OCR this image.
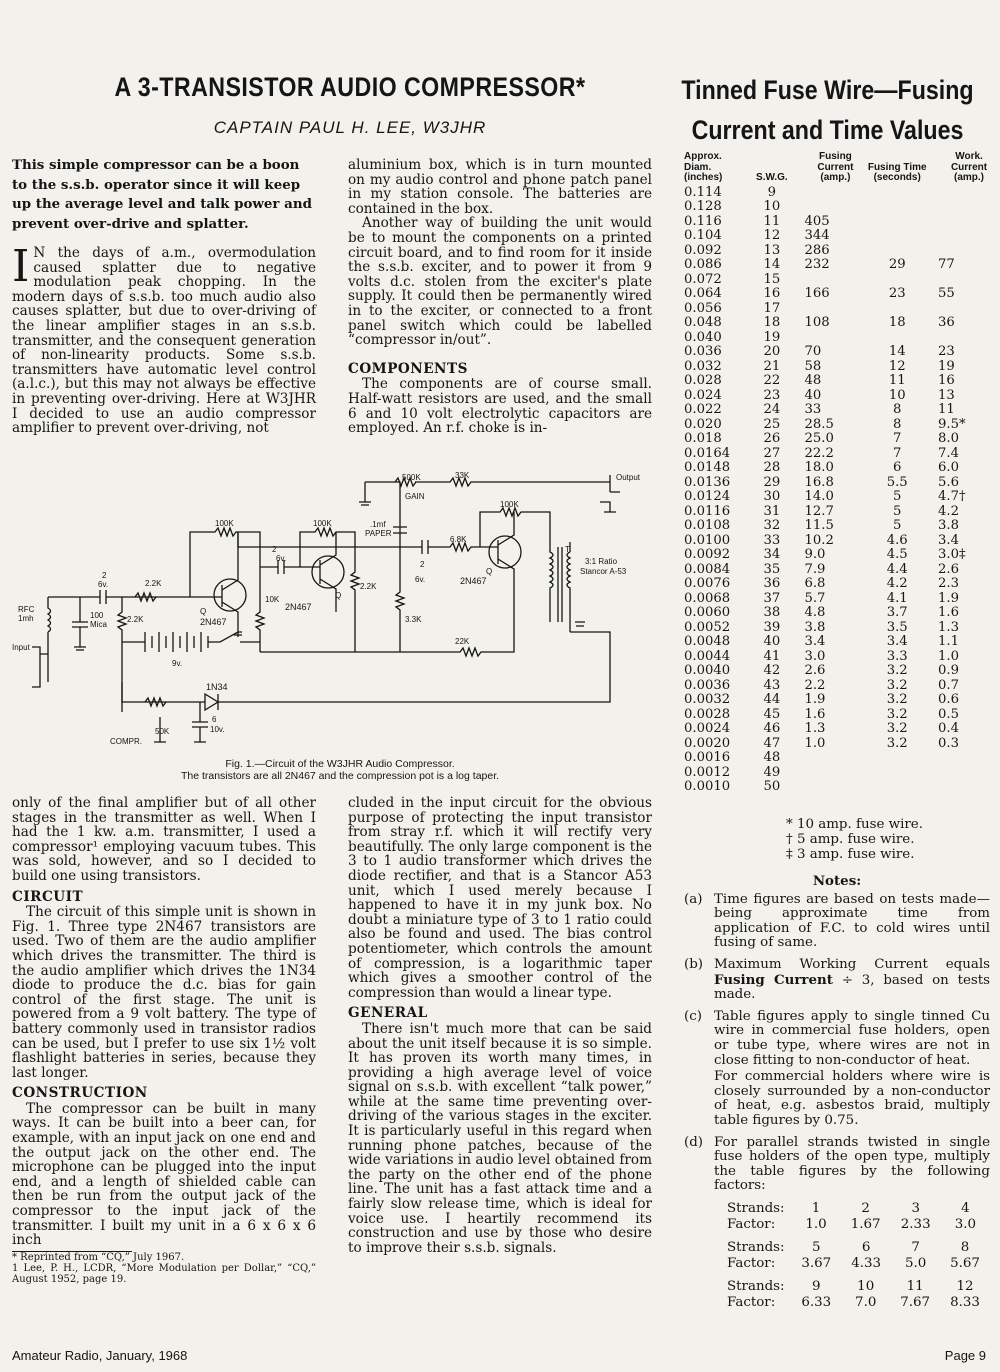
A 3-TRANSISTOR AUDIO COMPRESSOR*
CAPTAIN PAUL H. LEE, W3JHR
This simple compressor can be a boon to the s.s.b. operator since it will keep up the average level and talk power and prevent over-drive and splatter.

I N the days of a.m., overmodulation caused splatter due to negative modulation peak chopping. In the modern days of s.s.b. too much audio also causes splatter, but due to over-driving of the linear amplifier stages in an s.s.b. transmitter, and the consequent generation of non-linearity products. Some s.s.b. transmitters have automatic level control (a.l.c.), but this may not always be effective in preventing over-driving. Here at W3JHR I decided to use an audio compressor amplifier to prevent over-driving, not

aluminium box, which is in turn mounted on my audio control and phone patch panel in my station console. The batteries are contained in the box.

Another way of building the unit would be to mount the components on a printed circuit board, and to find room for it inside the s.s.b. exciter, and to power it from 9 volts d.c. stolen from the exciter's plate supply. It could then be permanently wired in to the exciter, or connected to a front panel switch which could be labelled “compressor in/out”.

COMPONENTS

The components are of course small. Half-watt resistors are used, and the small 6 and 10 volt electrolytic capacitors are employed. An r.f. choke is in-

Output
500K
GAIN
33K
100K	100K
100K
.1mf
PAPER
2
6v.
2
6v.
2
6v.
6.8K
T
3:1 Ratio
Stancor A-53
2.2K
2.2K
2.2K
10K
3.3K
Q
Q
Q
2N467
2N467
2N467
RFC
1mh	100
Mica
Input
22K
9v.
1N34
50K
COMPR.
6
10v.
Fig. 1.—Circuit of the W3JHR Audio Compressor.
The transistors are all 2N467 and the compression pot is a log taper.

only of the final amplifier but of all other stages in the transmitter as well. When I had the 1 kw. a.m. transmitter, I used a compressor¹ employing vacuum tubes. This was sold, however, and so I decided to build one using transistors.

CIRCUIT

The circuit of this simple unit is shown in Fig. 1. Three type 2N467 transistors are used. Two of them are the audio amplifier which drives the transmitter. The third is the audio amplifier which drives the 1N34 diode to produce the d.c. bias for gain control of the first stage. The unit is powered from a 9 volt battery. The type of battery commonly used in transistor radios can be used, but I prefer to use six 1½ volt flashlight batteries in series, because they last longer.

CONSTRUCTION

The compressor can be built in many ways. It can be built into a beer can, for example, with an input jack on one end and the output jack on the other end. The microphone can be plugged into the input end, and a length of shielded cable can then be run from the output jack of the compressor to the input jack of the transmitter. I built my unit in a 6 x 6 x 6 inch

* Reprinted from “CQ,” July 1967.
1 Lee, P. H., LCDR, “More Modulation per Dollar,” “CQ,” August 1952, page 19.

cluded in the input circuit for the obvious purpose of protecting the input transistor from stray r.f. which it will rectify very beautifully. The only large component is the 3 to 1 audio transformer which drives the diode rectifier, and that is a Stancor A53 unit, which I used merely because I happened to have it in my junk box. No doubt a miniature type of 3 to 1 ratio could also be found and used. The bias control potentiometer, which controls the amount of compression, is a logarithmic taper which gives a smoother control of the compression than would a linear type.

GENERAL

There isn't much more that can be said about the unit itself because it is so simple. It has proven its worth many times, in providing a high average level of voice signal on s.s.b. with excellent “talk power,” while at the same time preventing over-driving of the various stages in the exciter. It is particularly useful in this regard when running phone patches, because of the wide variations in audio level obtained from the party on the other end of the phone line. The unit has a fast attack time and a fairly slow release time, which is ideal for voice use. I heartily recommend its construction and use by those who desire to improve their s.s.b. signals.

Tinned Fuse Wire—Fusing
Current and Time Values
Approx. Diam. (inches)	S.W.G.	Fusing Current (amp.)	Fusing Time (seconds)	Work. Current (amp.)
0.114	9			
0.128	10			
0.116	11	405		
0.104	12	344		
0.092	13	286		
0.086	14	232	29	77
0.072	15			
0.064	16	166	23	55
0.056	17			
0.048	18	108	18	36
0.040	19			
0.036	20	70	14	23
0.032	21	58	12	19
0.028	22	48	11	16
0.024	23	40	10	13
0.022	24	33	8	11
0.020	25	28.5	8	9.5*
0.018	26	25.0	7	8.0
0.0164	27	22.2	7	7.4
0.0148	28	18.0	6	6.0
0.0136	29	16.8	5.5	5.6
0.0124	30	14.0	5	4.7†
0.0116	31	12.7	5	4.2
0.0108	32	11.5	5	3.8
0.0100	33	10.2	4.6	3.4
0.0092	34	9.0	4.5	3.0‡
0.0084	35	7.9	4.4	2.6
0.0076	36	6.8	4.2	2.3
0.0068	37	5.7	4.1	1.9
0.0060	38	4.8	3.7	1.6
0.0052	39	3.8	3.5	1.3
0.0048	40	3.4	3.4	1.1
0.0044	41	3.0	3.3	1.0
0.0040	42	2.6	3.2	0.9
0.0036	43	2.2	3.2	0.7
0.0032	44	1.9	3.2	0.6
0.0028	45	1.6	3.2	0.5
0.0024	46	1.3	3.2	0.4
0.0020	47	1.0	3.2	0.3
0.0016	48			
0.0012	49			
0.0010	50			
* 10 amp. fuse wire.
† 5 amp. fuse wire.
‡ 3 amp. fuse wire.
Notes:
(a) Time figures are based on tests made—being approximate time from application of F.C. to cold wires until fusing of same.
(b) Maximum Working Current equals Fusing Current ÷ 3, based on tests made.
(c) Table figures apply to single tinned Cu wire in commercial fuse holders, open or tube type, where wires are not in close fitting to non-conductor of heat.
For commercial holders where wire is closely surrounded by a non-conductor of heat, e.g. asbestos braid, multiply table figures by 0.75.
(d) For parallel strands twisted in single fuse holders of the open type, multiply the table figures by the following factors:
Strands:	1	2	3	4
Factor:	1.0	1.67	2.33	3.0
Strands:	5	6	7	8
Factor:	3.67	4.33	5.0	5.67
Strands:	9	10	11	12
Factor:	6.33	7.0	7.67	8.33
Amateur Radio, January, 1968	Page 9
